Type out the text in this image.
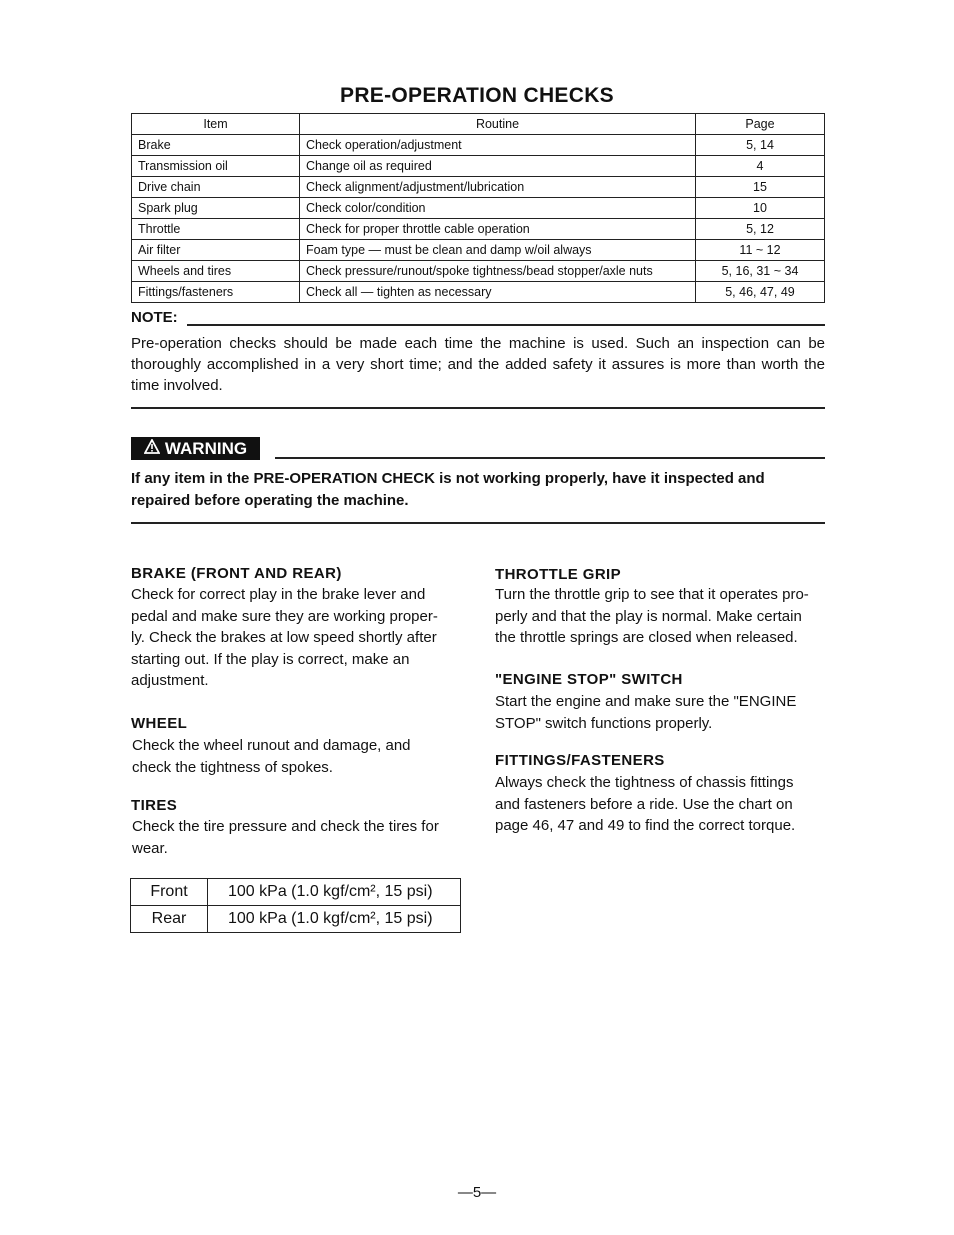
PRE-OPERATION CHECKS
Item	Routine	Page
Brake	Check operation/adjustment	5, 14
Transmission oil	Change oil as required	4
Drive chain	Check alignment/adjustment/lubrication	15
Spark plug	Check color/condition	10
Throttle	Check for proper throttle cable operation	5, 12
Air filter	Foam type — must be clean and damp w/oil always	11 ~ 12
Wheels and tires	Check pressure/runout/spoke tightness/bead stopper/axle nuts	5, 16, 31 ~ 34
Fittings/fasteners	Check all — tighten as necessary	5, 46, 47, 49
NOTE:
Pre-operation checks should be made each time the machine is used. Such an inspection can be thoroughly accomplished in a very short time; and the added safety it assures is more than worth the time involved.
WARNING
If any item in the PRE-OPERATION CHECK is not working properly, have it inspected and repaired before operating the machine.
BRAKE (FRONT AND REAR)
Check for correct play in the brake lever and
pedal and make sure they are working proper-
ly. Check the brakes at low speed shortly after
starting out. If the play is correct, make an
adjustment.
WHEEL
Check the wheel runout and damage, and
check the tightness of spokes.
TIRES
Check the tire pressure and check the tires for
wear.
Front	100 kPa (1.0 kgf/cm², 15 psi)
Rear	100 kPa (1.0 kgf/cm², 15 psi)
THROTTLE GRIP
Turn the throttle grip to see that it operates pro-
perly and that the play is normal. Make certain
the throttle springs are closed when released.
"ENGINE STOP" SWITCH
Start the engine and make sure the "ENGINE
STOP" switch functions properly.
FITTINGS/FASTENERS
Always check the tightness of chassis fittings
and fasteners before a ride. Use the chart on
page 46, 47 and 49 to find the correct torque.
—5—
